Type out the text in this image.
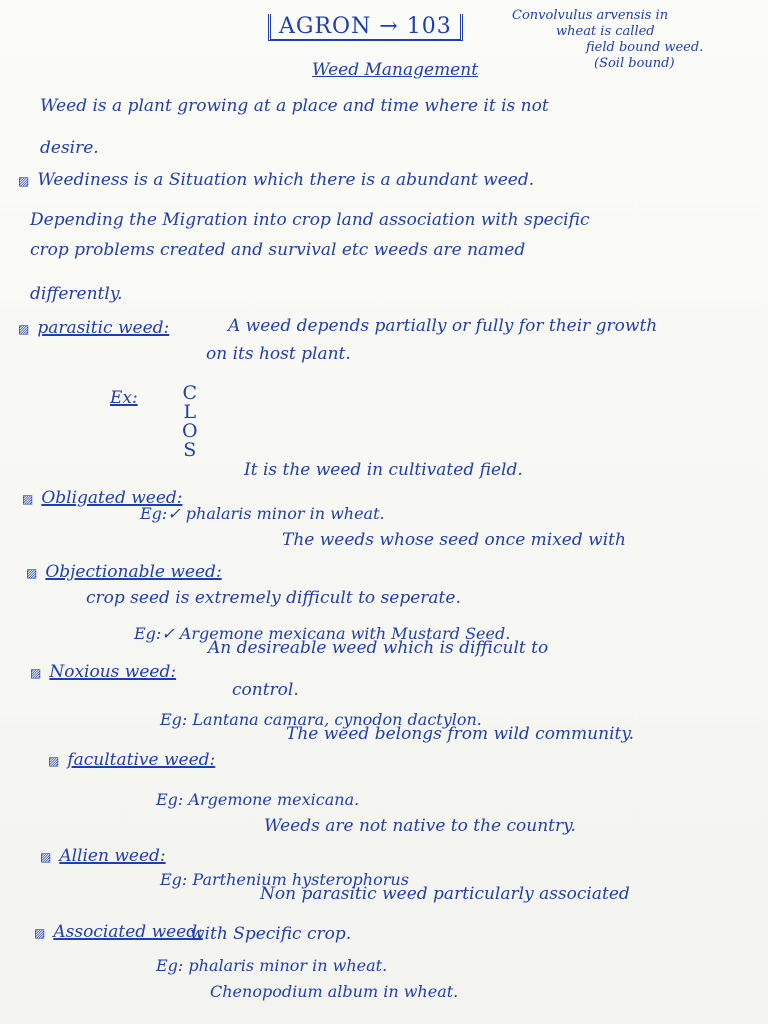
AGRON → 103	Convolvulus arvensis in
wheat is called
field bound weed.
(Soil bound)
Weed Management
Weed is a plant growing at a place and time where it is not
desire.
▨ Weediness is a Situation which there is a abundant weed.
Depending the Migration into crop land association with specific
crop problems created and survival etc weeds are named
differently.
▨ parasitic weed:	A weed depends partially or fully for their growth
on its host plant.
Ex: C
L
O
S
▨ Obligated weed:
It is the weed in cultivated field.
Eg:✓ phalaris minor in wheat.
▨ Objectionable weed:
The weeds whose seed once mixed with
crop seed is extremely difficult to seperate.
Eg:✓ Argemone mexicana with Mustard Seed.
▨ Noxious weed:
An desireable weed which is difficult to
control.
Eg: Lantana camara, cynodon dactylon.
▨ facultative weed:
The weed belongs from wild community.
Eg: Argemone mexicana.
▨ Allien weed:
Weeds are not native to the country.
Eg: Parthenium hysterophorus
▨ Associated weed:
Non parasitic weed particularly associated
with Specific crop.
Eg: phalaris minor in wheat.
Chenopodium album in wheat.
